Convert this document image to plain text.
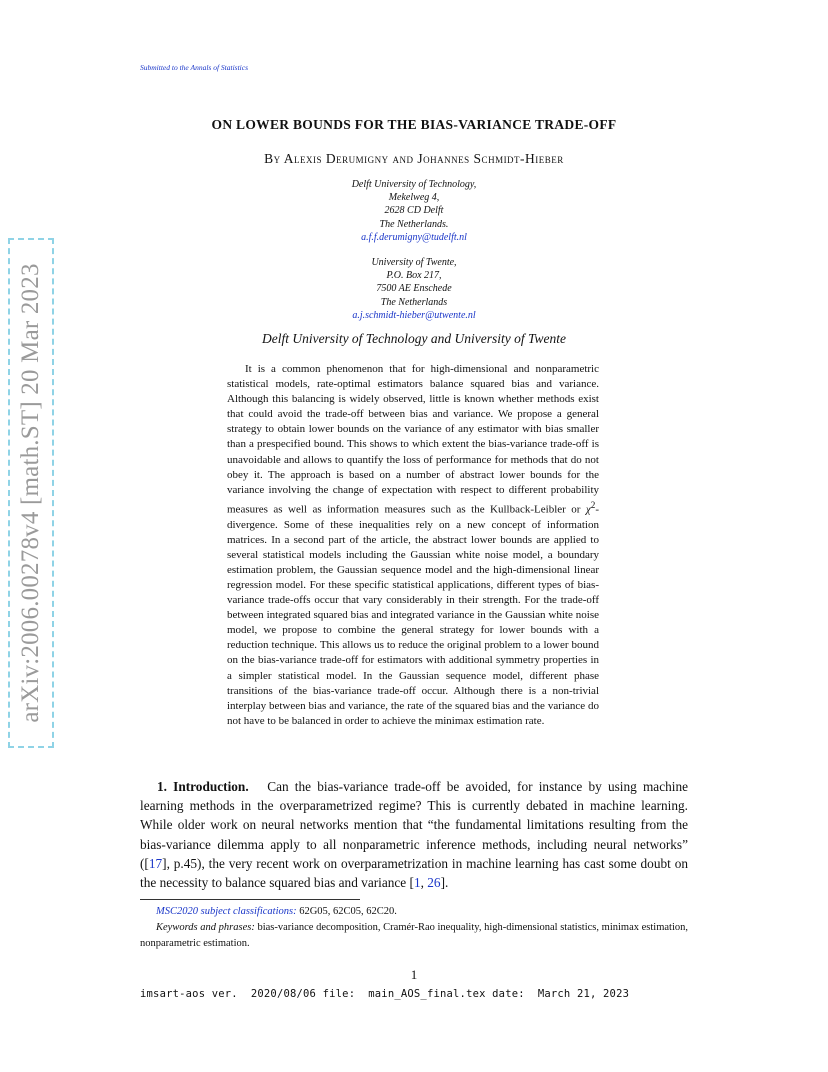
Submitted to the Annals of Statistics
arXiv:2006.00278v4 [math.ST] 20 Mar 2023
ON LOWER BOUNDS FOR THE BIAS-VARIANCE TRADE-OFF
By Alexis Derumigny and Johannes Schmidt-Hieber
Delft University of Technology,
Mekelweg 4,
2628 CD Delft
The Netherlands.
a.f.f.derumigny@tudelft.nl
University of Twente,
P.O. Box 217,
7500 AE Enschede
The Netherlands
a.j.schmidt-hieber@utwente.nl
Delft University of Technology and University of Twente

It is a common phenomenon that for high-dimensional and nonparametric statistical models, rate-optimal estimators balance squared bias and variance. Although this balancing is widely observed, little is known whether methods exist that could avoid the trade-off between bias and variance. We propose a general strategy to obtain lower bounds on the variance of any estimator with bias smaller than a prespecified bound. This shows to which extent the bias-variance trade-off is unavoidable and allows to quantify the loss of performance for methods that do not obey it. The approach is based on a number of abstract lower bounds for the variance involving the change of expectation with respect to different probability measures as well as information measures such as the Kullback-Leibler or $\chi^2$-divergence. Some of these inequalities rely on a new concept of information matrices. In a second part of the article, the abstract lower bounds are applied to several statistical models including the Gaussian white noise model, a boundary estimation problem, the Gaussian sequence model and the high-dimensional linear regression model. For these specific statistical applications, different types of bias-variance trade-offs occur that vary considerably in their strength. For the trade-off between integrated squared bias and integrated variance in the Gaussian white noise model, we propose to combine the general strategy for lower bounds with a reduction technique. This allows us to reduce the original problem to a lower bound on the bias-variance trade-off for estimators with additional symmetry properties in a simpler statistical model. In the Gaussian sequence model, different phase transitions of the bias-variance trade-off occur. Although there is a non-trivial interplay between bias and variance, the rate of the squared bias and the variance do not have to be balanced in order to achieve the minimax estimation rate.

1. Introduction. Can the bias-variance trade-off be avoided, for instance by using machine learning methods in the overparametrized regime? This is currently debated in machine learning. While older work on neural networks mention that “the fundamental limitations resulting from the bias-variance dilemma apply to all nonparametric inference methods, including neural networks” ([17], p.45), the very recent work on overparametrization in machine learning has cast some doubt on the necessity to balance squared bias and variance [1, 26].

MSC2020 subject classifications: 62G05, 62C05, 62C20.
Keywords and phrases: bias-variance decomposition, Cramér-Rao inequality, high-dimensional statistics, minimax estimation, nonparametric estimation.
1
imsart-aos ver.  2020/08/06 file:  main_AOS_final.tex date:  March 21, 2023
